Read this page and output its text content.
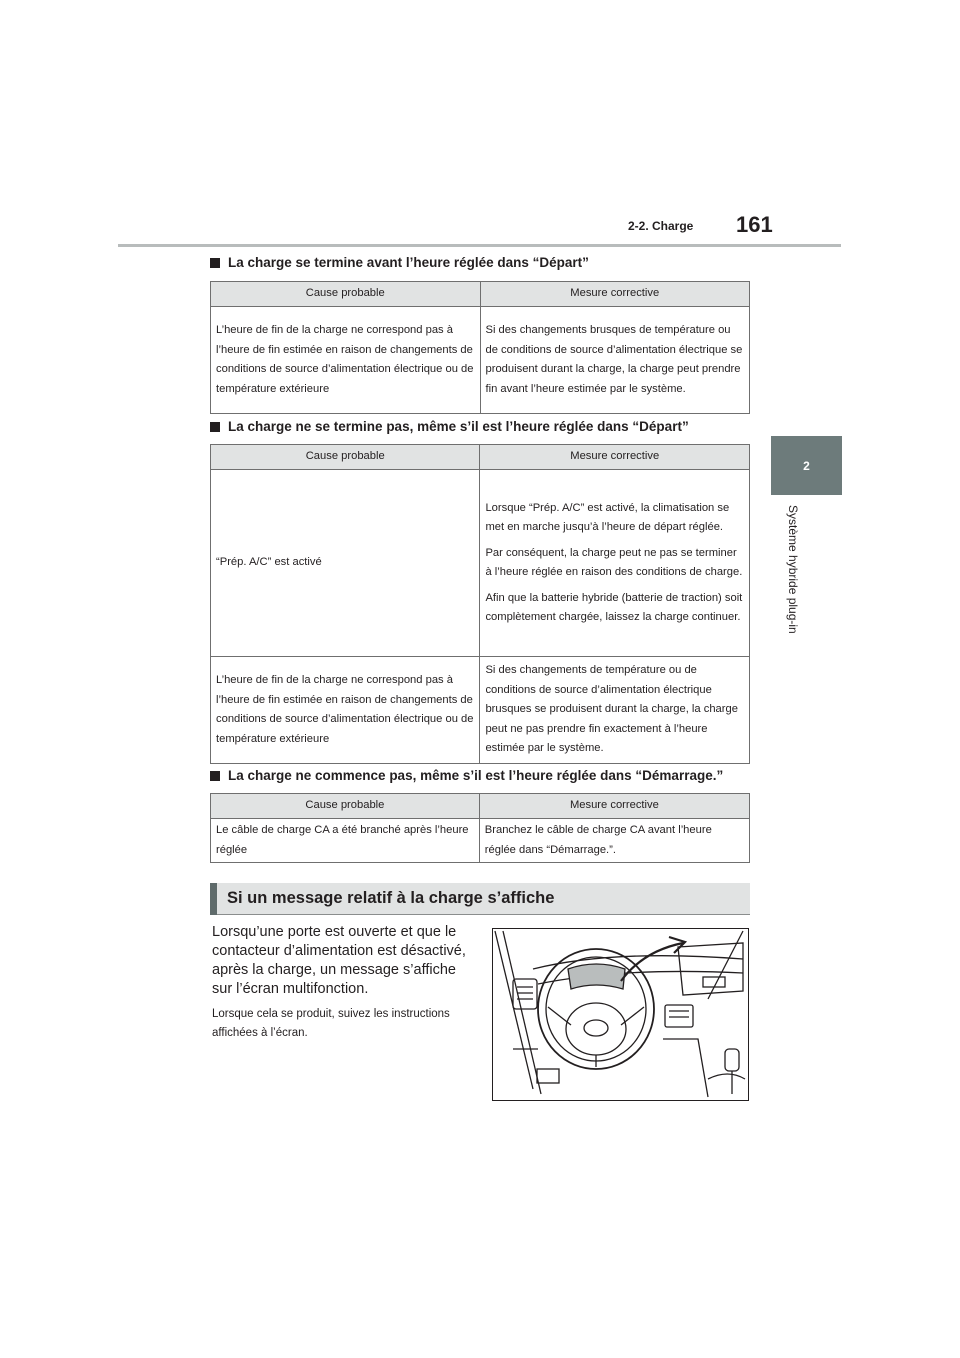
2-2. Charge 161
2
Système hybride plug-in
La charge se termine avant l’heure réglée dans “Départ”
Cause probable	Mesure corrective

L’heure de fin de la charge ne correspond pas à l’heure de fin estimée en raison de changements de conditions de source d’alimentation électrique ou de température extérieure	Si des changements brusques de température ou de conditions de source d’alimentation électrique se produisent durant la charge, la charge peut prendre fin avant l’heure estimée par le système.

La charge ne se termine pas, même s’il est l’heure réglée dans “Départ”
Cause probable	Mesure corrective

“Prép. A/C” est activé	Lorsque “Prép. A/C” est activé, la climatisation se met en marche jusqu’à l’heure de départ réglée.

Par conséquent, la charge peut ne pas se terminer à l’heure réglée en raison des conditions de charge.

Afin que la batterie hybride (batterie de traction) soit complètement chargée, laissez la charge continuer.

L’heure de fin de la charge ne correspond pas à l’heure de fin estimée en raison de changements de conditions de source d’alimentation électrique ou de température extérieure	Si des changements de température ou de conditions de source d’alimentation électrique brusques se produisent durant la charge, la charge peut ne pas prendre fin exactement à l’heure estimée par le système.

La charge ne commence pas, même s’il est l’heure réglée dans “Démarrage.”
Cause probable	Mesure corrective

Le câble de charge CA a été branché après l’heure réglée	Branchez le câble de charge CA avant l’heure réglée dans “Démarrage.”.

Si un message relatif à la charge s’affiche
Lorsqu’une porte est ouverte et que le contacteur d’alimentation est désactivé, après la charge, un message s’affiche sur l’écran multifonction.
Lorsque cela se produit, suivez les instructions affichées à l’écran.
